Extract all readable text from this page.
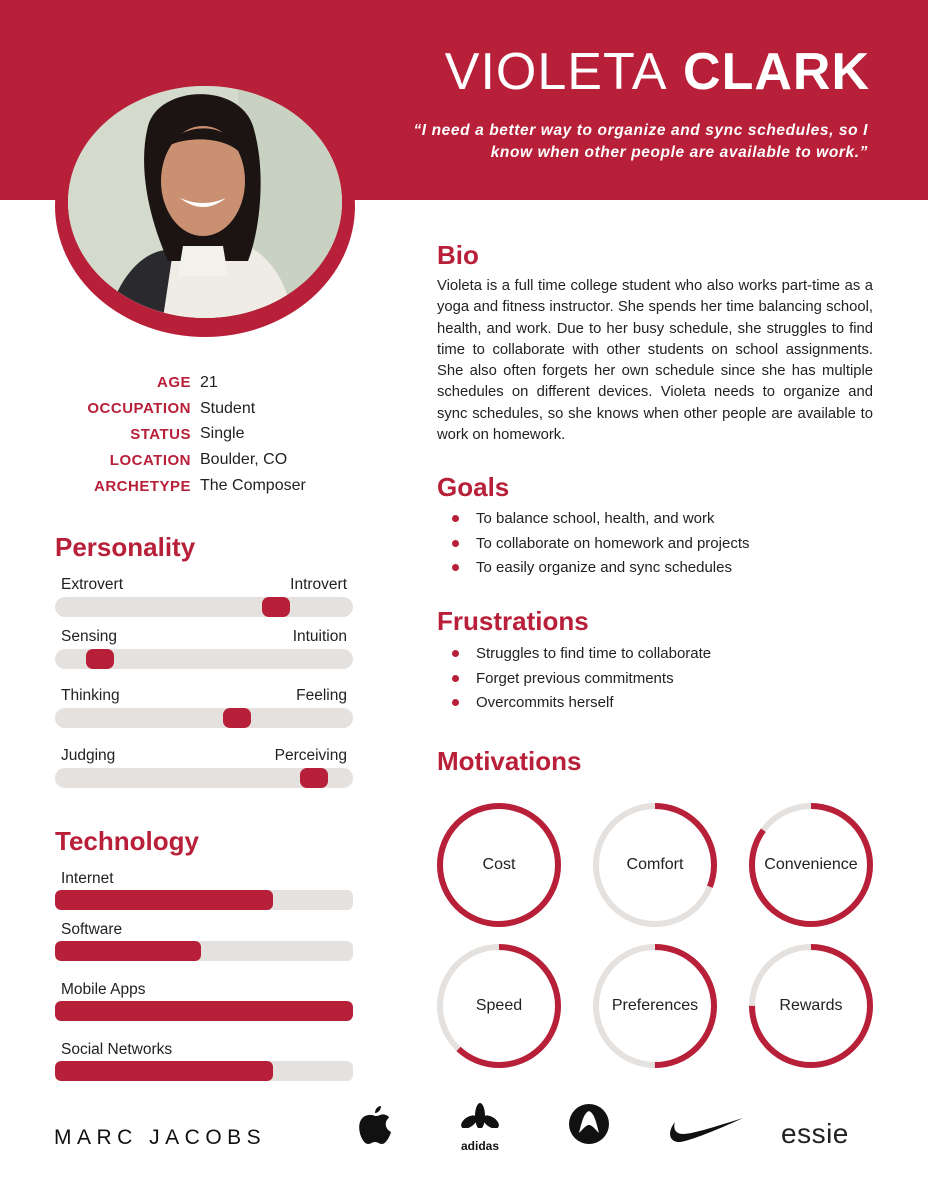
VIOLETA CLARK
“I need a better way to organize and sync schedules, so I know when other people are available to work.”
AGE 21
OCCUPATION Student
STATUS Single
LOCATION Boulder, CO
ARCHETYPE The Composer
Personality
Extrovert	Introvert
Sensing	Intuition
Thinking	Feeling
Judging	Perceiving
Technology
Internet
Software
Mobile Apps
Social Networks
Bio
Violeta is a full time college student who also works part-time as a yoga and fitness instructor. She spends her time balancing school, health, and work. Due to her busy schedule, she struggles to find time to collaborate with other students on school assignments. She also often forgets her own schedule since she has multiple schedules on different devices. Violeta needs to organize and sync schedules, so she knows when other people are available to work on homework.
Goals
To balance school, health, and work
To collaborate on homework and projects
To easily organize and sync schedules
Frustrations
Struggles to find time to collaborate
Forget previous commitments
Overcommits herself
Motivations
Cost	Comfort	Convenience
Speed	Preferences	Rewards
MARC JACOBS	adidas	essie
